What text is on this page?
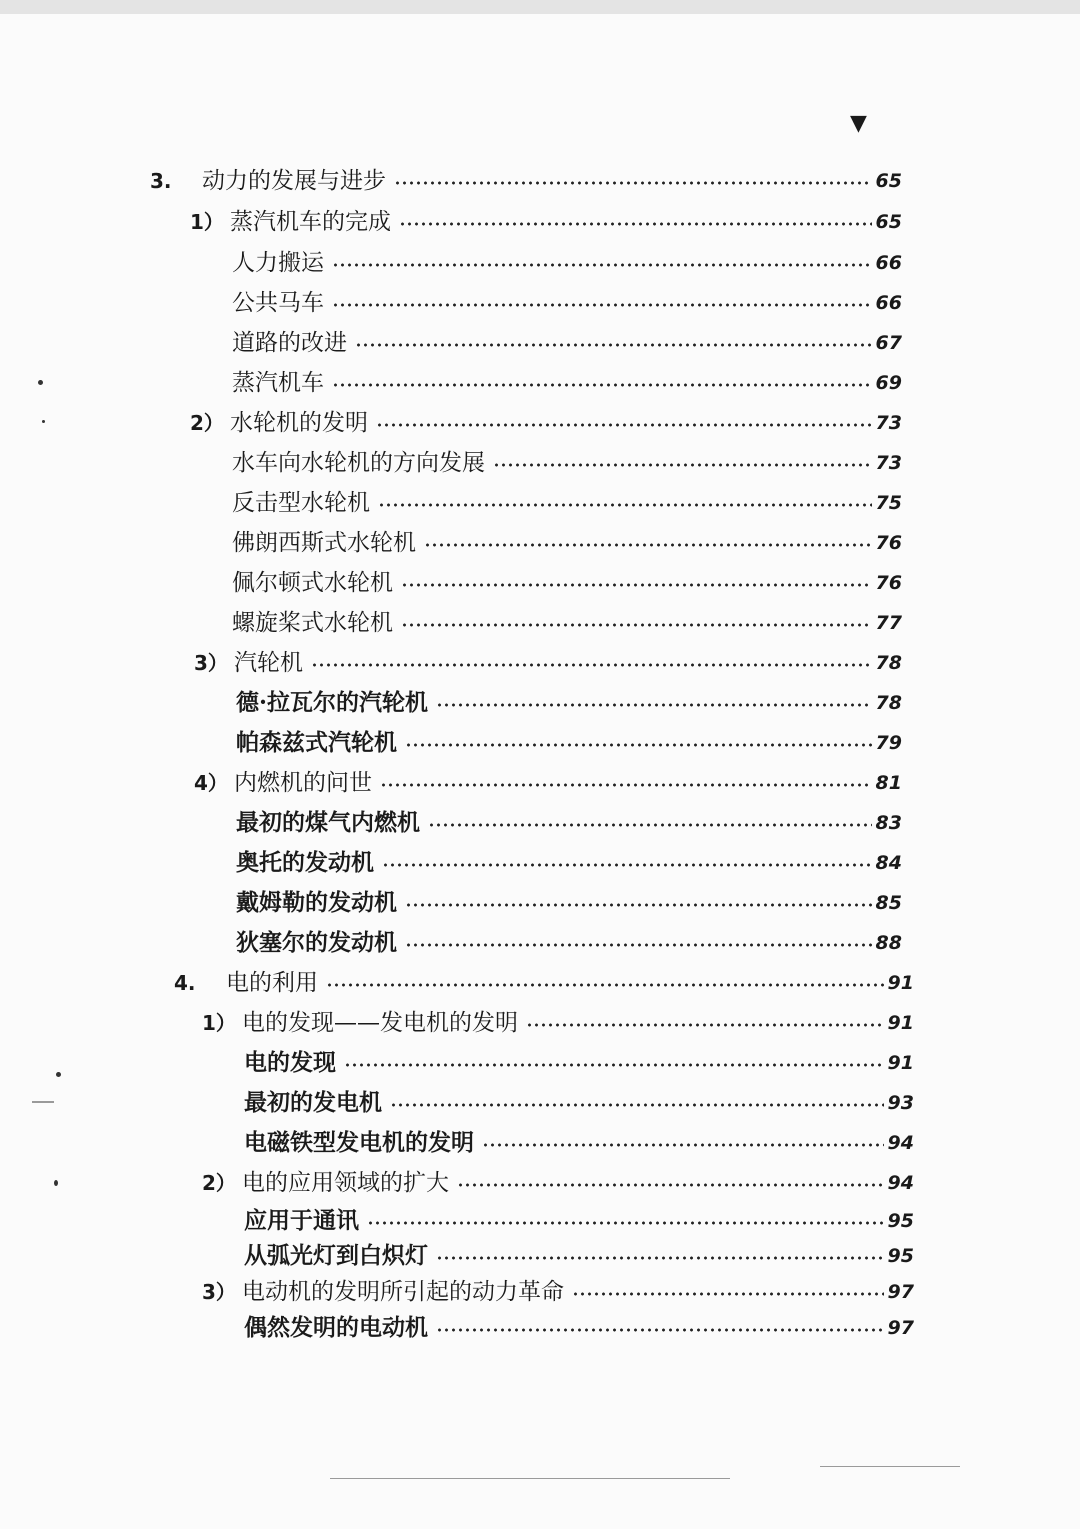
▼
3.	动力的发展与进步	65
1） 蒸汽机车的完成	65
人力搬运	66
公共马车	66
道路的改进	67
蒸汽机车	69
2） 水轮机的发明	73
水车向水轮机的方向发展	73
反击型水轮机	75
佛朗西斯式水轮机	76
佩尔顿式水轮机	76
螺旋桨式水轮机	77
3） 汽轮机	78
德·拉瓦尔的汽轮机	78
帕森兹式汽轮机	79
4） 内燃机的问世	81
最初的煤气内燃机	83
奥托的发动机	84
戴姆勒的发动机	85
狄塞尔的发动机	88
4.	电的利用	91
1） 电的发现——发电机的发明	91
电的发现	91
最初的发电机	93
电磁铁型发电机的发明	94
2） 电的应用领域的扩大	94
应用于通讯	95
从弧光灯到白炽灯	95
3） 电动机的发明所引起的动力革命	97
偶然发明的电动机	97
